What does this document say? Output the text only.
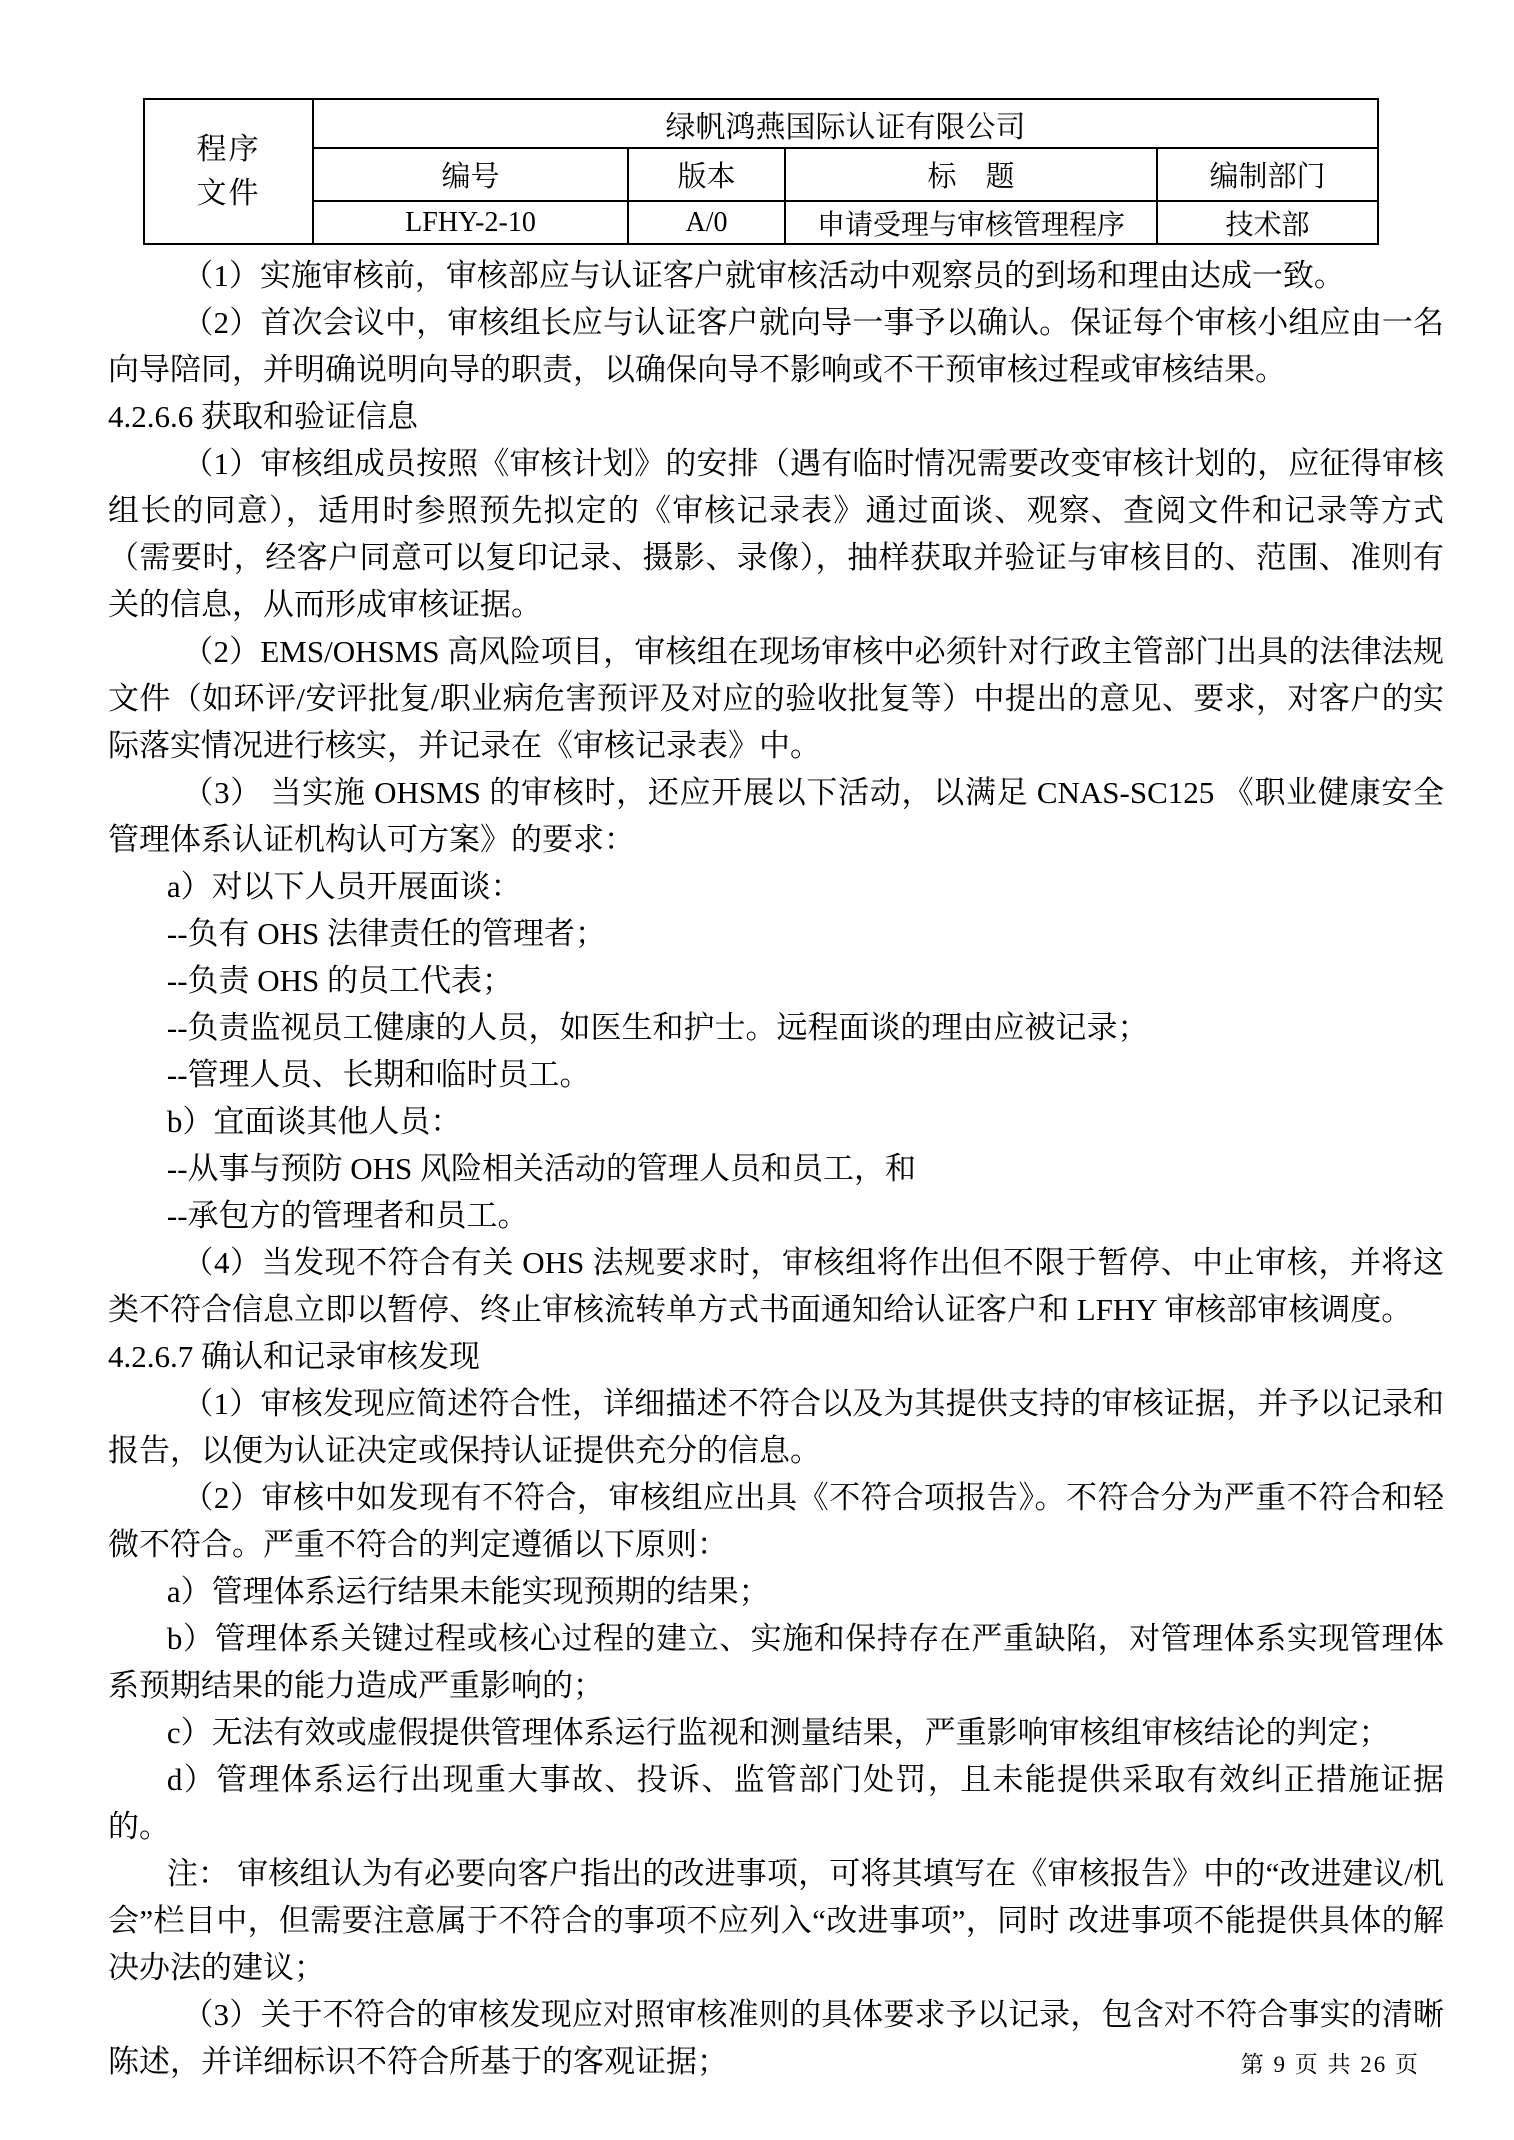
程序文件	绿帆鸿燕国际认证有限公司			
	编号	版本	标　题	编制部门
	LFHY-2-10	A/0	申请受理与审核管理程序	技术部

（1）实施审核前，审核部应与认证客户就审核活动中观察员的到场和理由达成一致。

（2）首次会议中，审核组长应与认证客户就向导一事予以确认。保证每个审核小组应由一名向导陪同，并明确说明向导的职责，以确保向导不影响或不干预审核过程或审核结果。

4.2.6.6 获取和验证信息

（1）审核组成员按照《审核计划》的安排（遇有临时情况需要改变审核计划的，应征得审核组长的同意），适用时参照预先拟定的《审核记录表》通过面谈、观察、查阅文件和记录等方式（需要时，经客户同意可以复印记录、摄影、录像），抽样获取并验证与审核目的、范围、准则有关的信息，从而形成审核证据。

（2）EMS/OHSMS 高风险项目，审核组在现场审核中必须针对行政主管部门出具的法律法规文件（如环评/安评批复/职业病危害预评及对应的验收批复等）中提出的意见、要求，对客户的实际落实情况进行核实，并记录在《审核记录表》中。

（3） 当实施 OHSMS 的审核时，还应开展以下活动，以满足 CNAS-SC125 《职业健康安全管理体系认证机构认可方案》的要求：

a）对以下人员开展面谈：

--负有 OHS 法律责任的管理者；

--负责 OHS 的员工代表；

--负责监视员工健康的人员，如医生和护士。远程面谈的理由应被记录；

--管理人员、长期和临时员工。

b）宜面谈其他人员：

--从事与预防 OHS 风险相关活动的管理人员和员工，和

--承包方的管理者和员工。

（4）当发现不符合有关 OHS 法规要求时，审核组将作出但不限于暂停、中止审核，并将这类不符合信息立即以暂停、终止审核流转单方式书面通知给认证客户和 LFHY 审核部审核调度。

4.2.6.7 确认和记录审核发现

（1）审核发现应简述符合性，详细描述不符合以及为其提供支持的审核证据，并予以记录和报告，以便为认证决定或保持认证提供充分的信息。

（2）审核中如发现有不符合，审核组应出具《不符合项报告》。不符合分为严重不符合和轻微不符合。严重不符合的判定遵循以下原则：

a）管理体系运行结果未能实现预期的结果；

b）管理体系关键过程或核心过程的建立、实施和保持存在严重缺陷，对管理体系实现管理体系预期结果的能力造成严重影响的；

c）无法有效或虚假提供管理体系运行监视和测量结果，严重影响审核组审核结论的判定；

d）管理体系运行出现重大事故、投诉、监管部门处罚，且未能提供采取有效纠正措施证据的。

注： 审核组认为有必要向客户指出的改进事项，可将其填写在《审核报告》中的“改进建议/机会”栏目中，但需要注意属于不符合的事项不应列入“改进事项”，同时 改进事项不能提供具体的解决办法的建议；

（3）关于不符合的审核发现应对照审核准则的具体要求予以记录，包含对不符合事实的清晰陈述，并详细标识不符合所基于的客观证据；	第 9 页 共 26 页
